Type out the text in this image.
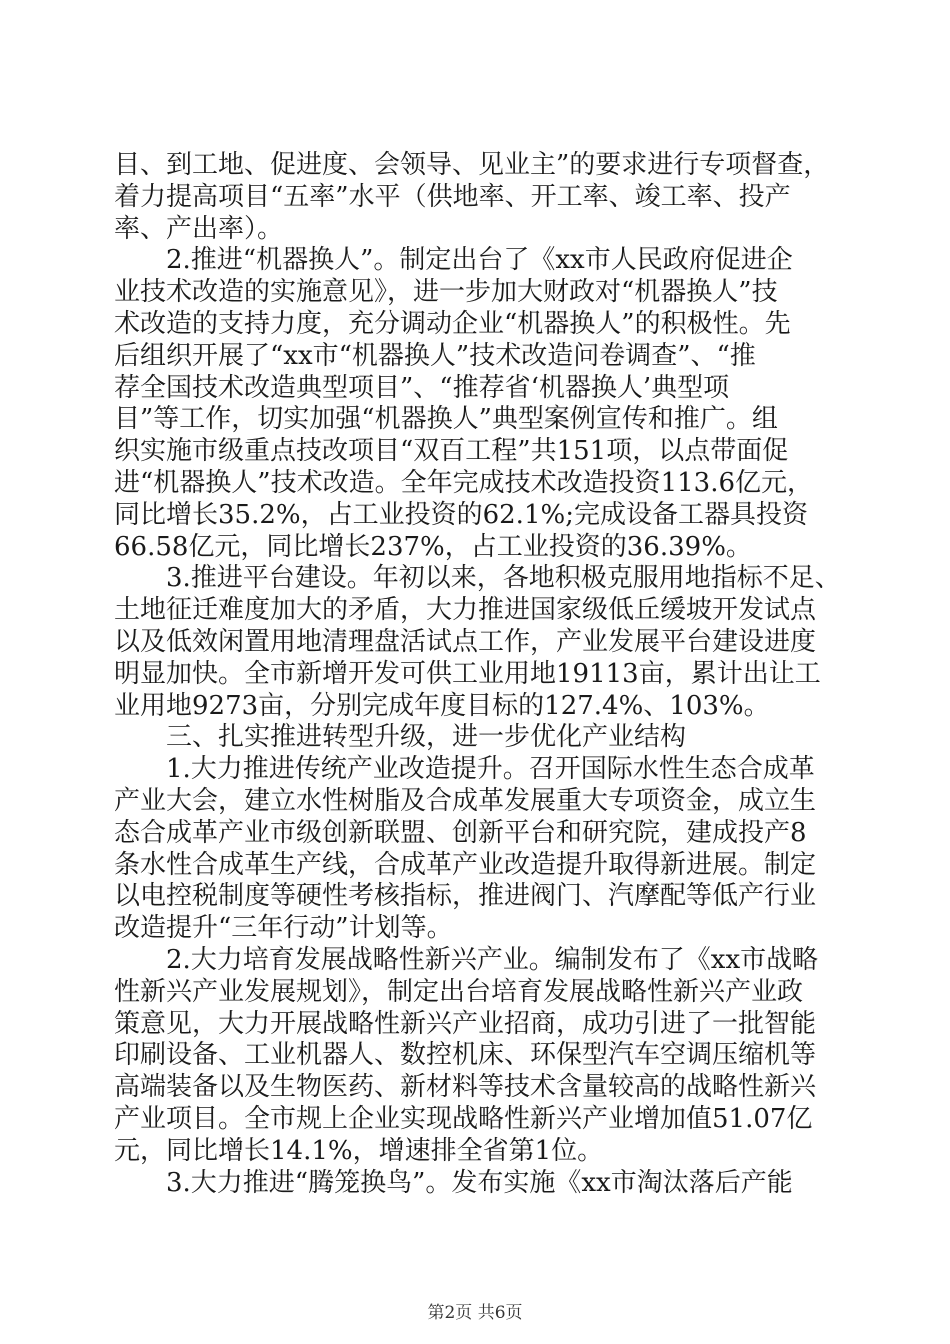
目、到工地、促进度、会领导、见业主”的要求进行专项督查，
着力提高项目“五率”水平（供地率、开工率、竣工率、投产
率、产出率）。
2.推进“机器换人”。制定出台了《xx市人民政府促进企
业技术改造的实施意见》，进一步加大财政对“机器换人”技
术改造的支持力度，充分调动企业“机器换人”的积极性。先
后组织开展了“xx市“机器换人”技术改造问卷调查”、“推
荐全国技术改造典型项目”、“推荐省‘机器换人’典型项
目”等工作，切实加强“机器换人”典型案例宣传和推广。组
织实施市级重点技改项目“双百工程”共151项，以点带面促
进“机器换人”技术改造。全年完成技术改造投资113.6亿元，
同比增长35.2%，占工业投资的62.1%;完成设备工器具投资
66.58亿元，同比增长237%，占工业投资的36.39%。
3.推进平台建设。年初以来，各地积极克服用地指标不足、
土地征迁难度加大的矛盾，大力推进国家级低丘缓坡开发试点
以及低效闲置用地清理盘活试点工作，产业发展平台建设进度
明显加快。全市新增开发可供工业用地19113亩，累计出让工
业用地9273亩，分别完成年度目标的127.4%、103%。
三、扎实推进转型升级，进一步优化产业结构
1.大力推进传统产业改造提升。召开国际水性生态合成革
产业大会，建立水性树脂及合成革发展重大专项资金，成立生
态合成革产业市级创新联盟、创新平台和研究院，建成投产8
条水性合成革生产线，合成革产业改造提升取得新进展。制定
以电控税制度等硬性考核指标，推进阀门、汽摩配等低产行业
改造提升“三年行动”计划等。
2.大力培育发展战略性新兴产业。编制发布了《xx市战略
性新兴产业发展规划》，制定出台培育发展战略性新兴产业政
策意见，大力开展战略性新兴产业招商，成功引进了一批智能
印刷设备、工业机器人、数控机床、环保型汽车空调压缩机等
高端装备以及生物医药、新材料等技术含量较高的战略性新兴
产业项目。全市规上企业实现战略性新兴产业增加值51.07亿
元，同比增长14.1%，增速排全省第1位。
3.大力推进“腾笼换鸟”。发布实施《xx市淘汰落后产能
第2页 共6页
